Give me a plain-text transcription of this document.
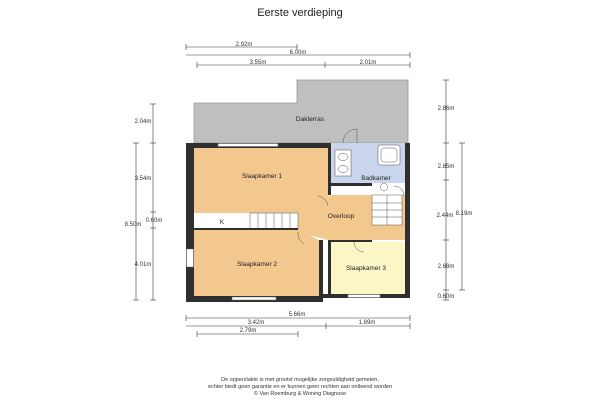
Eerste verdieping
2.92m
6.00m
3.55m	2.01m
2.04m
3.54m
0.60m
8.50m
4.01m
2.86m
2.85m
2.44m 8.19m
2.68m
0.60m
5.66m
3.42m	1.89m
2.79m
Dakterras
Slaapkamer 1
K
Badkamer
Overloop
Slaapkamer 2
Slaapkamer 3
De oppervlakte is met grootst mogelijke zorgvuldigheid gemeten,
echter biedt geen garantie en er kunnen geen rechten aan ontleend worden
© Van Roemburg & Woning Diagnose
